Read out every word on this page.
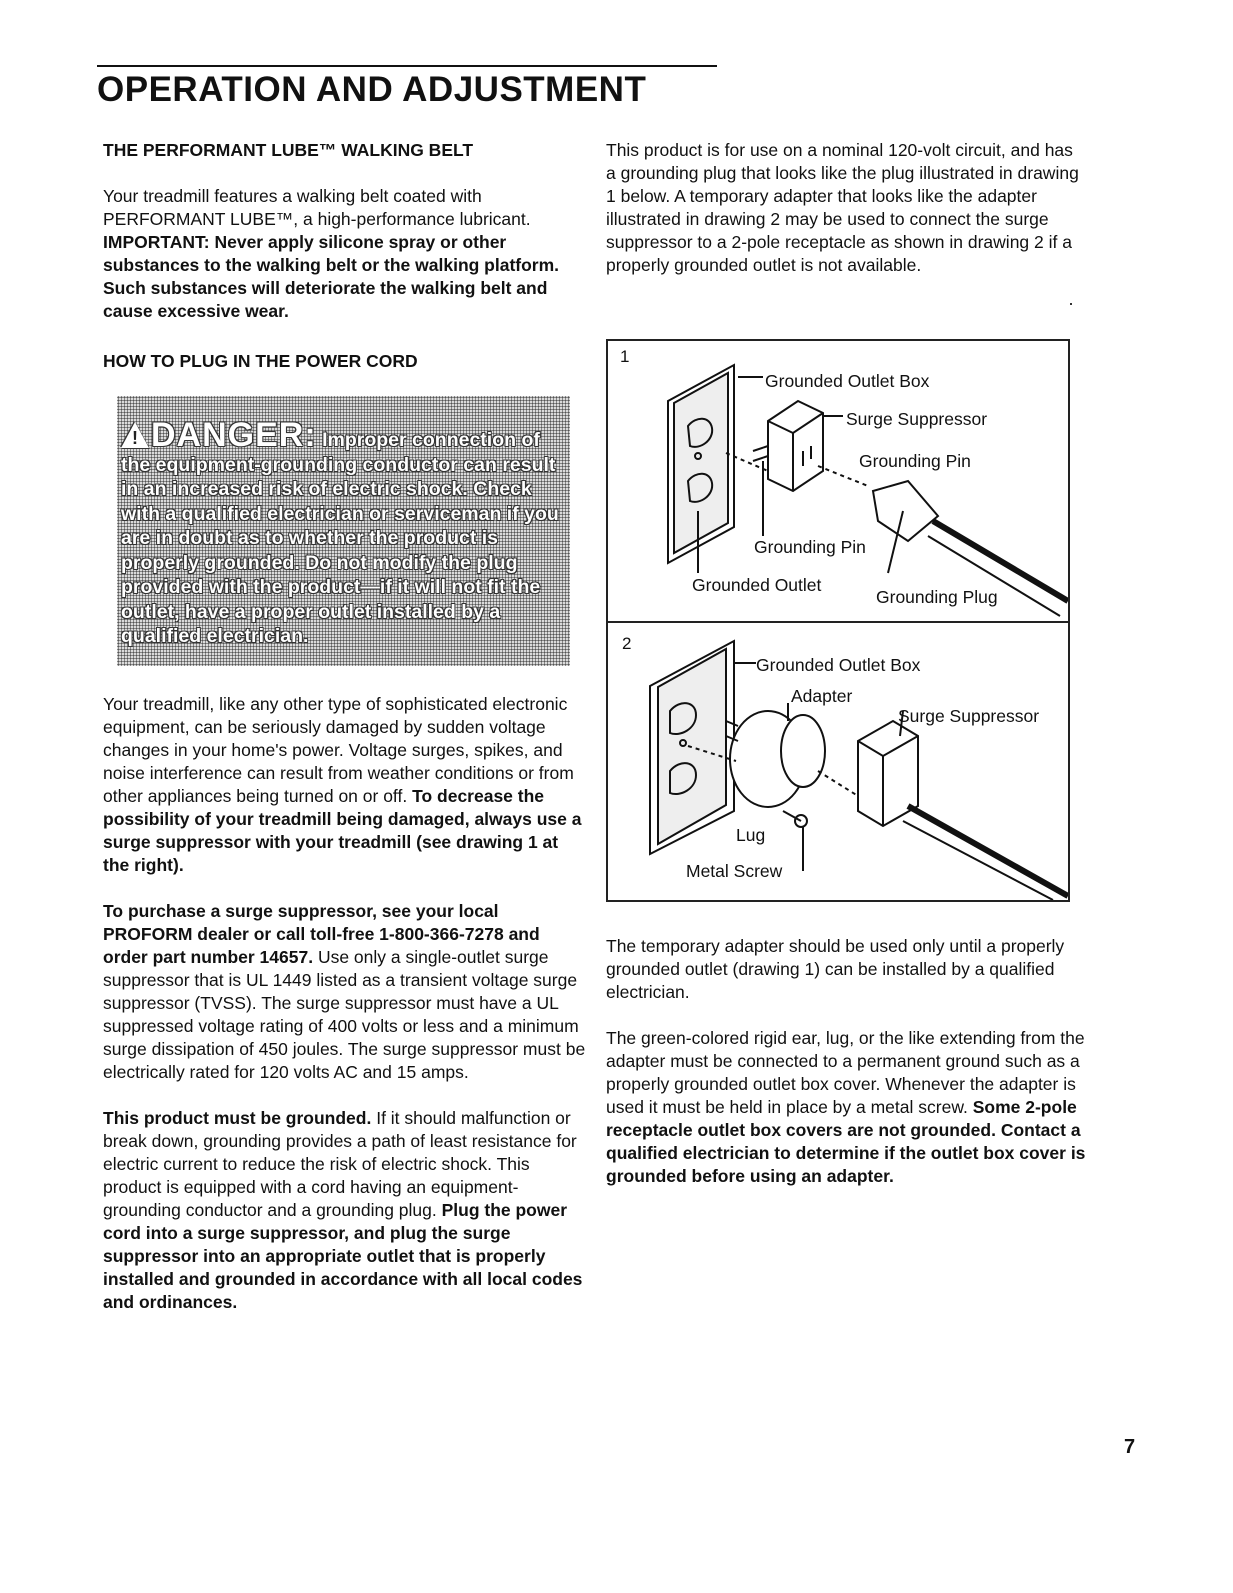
OPERATION AND ADJUSTMENT

THE PERFORMANT LUBE™ WALKING BELT

Your treadmill features a walking belt coated with PERFORMANT LUBE™, a high-performance lubricant. IMPORTANT: Never apply silicone spray or other substances to the walking belt or the walking platform. Such substances will deteriorate the walking belt and cause excessive wear.

HOW TO PLUG IN THE POWER CORD

!DANGER: Improper connection of the equipment-grounding conductor can result in an increased risk of electric shock. Check with a qualified electrician or serviceman if you are in doubt as to whether the product is properly grounded. Do not modify the plug provided with the product—if it will not fit the outlet, have a proper outlet installed by a qualified electrician.

Your treadmill, like any other type of sophisticated electronic equipment, can be seriously damaged by sudden voltage changes in your home's power. Voltage surges, spikes, and noise interference can result from weather conditions or from other appliances being turned on or off. To decrease the possibility of your treadmill being damaged, always use a surge suppressor with your treadmill (see drawing 1 at the right).

To purchase a surge suppressor, see your local PROFORM dealer or call toll-free 1-800-366-7278 and order part number 14657. Use only a single-outlet surge suppressor that is UL 1449 listed as a transient voltage surge suppressor (TVSS). The surge suppressor must have a UL suppressed voltage rating of 400 volts or less and a minimum surge dissipation of 450 joules. The surge suppressor must be electrically rated for 120 volts AC and 15 amps.

This product must be grounded. If it should malfunction or break down, grounding provides a path of least resistance for electric current to reduce the risk of electric shock. This product is equipped with a cord having an equipment-grounding conductor and a grounding plug. Plug the power cord into a surge suppressor, and plug the surge suppressor into an appropriate outlet that is properly installed and grounded in accordance with all local codes and ordinances.

This product is for use on a nominal 120-volt circuit, and has a grounding plug that looks like the plug illustrated in drawing 1 below. A temporary adapter that looks like the adapter illustrated in drawing 2 may be used to connect the surge suppressor to a 2-pole receptacle as shown in drawing 2 if a properly grounded outlet is not available.

1
Grounded Outlet Box
Surge Suppressor
Grounding Pin
Grounding Pin
Grounded Outlet
Grounding Plug
2
Grounded Outlet Box
Adapter
Surge Suppressor
Lug
Metal Screw

The temporary adapter should be used only until a properly grounded outlet (drawing 1) can be installed by a qualified electrician.

The green-colored rigid ear, lug, or the like extending from the adapter must be connected to a permanent ground such as a properly grounded outlet box cover. Whenever the adapter is used it must be held in place by a metal screw. Some 2-pole receptacle outlet box covers are not grounded. Contact a qualified electrician to determine if the outlet box cover is grounded before using an adapter.

7
